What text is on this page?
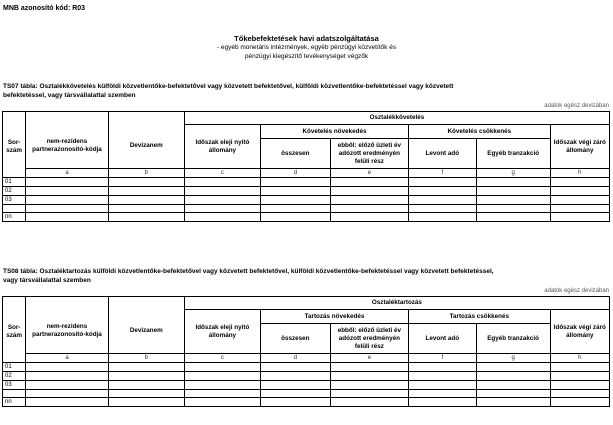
MNB azonosító kód: R03
Tőkebefektetések havi adatszolgáltatása
- egyéb monetáris intézmények, egyéb pénzügyi közvetítők és
pénzügyi kiegészítő tevékenységet végzők
TS07 tábla: Osztalékkövetelés külföldi közvetlentőke-befektetővel vagy közvetett befektetővel, külföldi közvetlentőke-befektetéssel vagy közvetett
befektetéssel, vagy társvállalattal szemben
adatok egész devizában
			Osztalékkövetelés					
Sor-szám	nem-rezidens partnerazonosító-kódja	Devizanem	Időszak eleji nyitó állomány	Követelés növekedés		Követelés csökkenés		Időszak végi záró állomány
				összesen	ebből: előző üzleti év adózott eredményén felüli rész	Levont adó	Egyéb tranzakció	
	a	b	c	d	e	f	g	h
01								
02								
03								

nn								
TS08 tábla: Osztaléktartozás külföldi közvetlentőke-befektetővel vagy közvetett befektetővel, külföldi közvetlentőke-befektetéssel vagy közvetett befektetéssel,
vagy társvállalattal szemben
adatok egész devizában
			Osztaléktartozás					
Sor-szám	nem-rezidens partnerazonosító-kódja	Devizanem	Időszak eleji nyitó állomány	Tartozás növekedés		Tartozás csökkenés		Időszak végi záró állomány
				összesen	ebből: előző üzleti év adózott eredményén felüli rész	Levont adó	Egyéb tranzakció	
	a	b	c	d	e	f	g	h
01								
02								
03								

nn								
